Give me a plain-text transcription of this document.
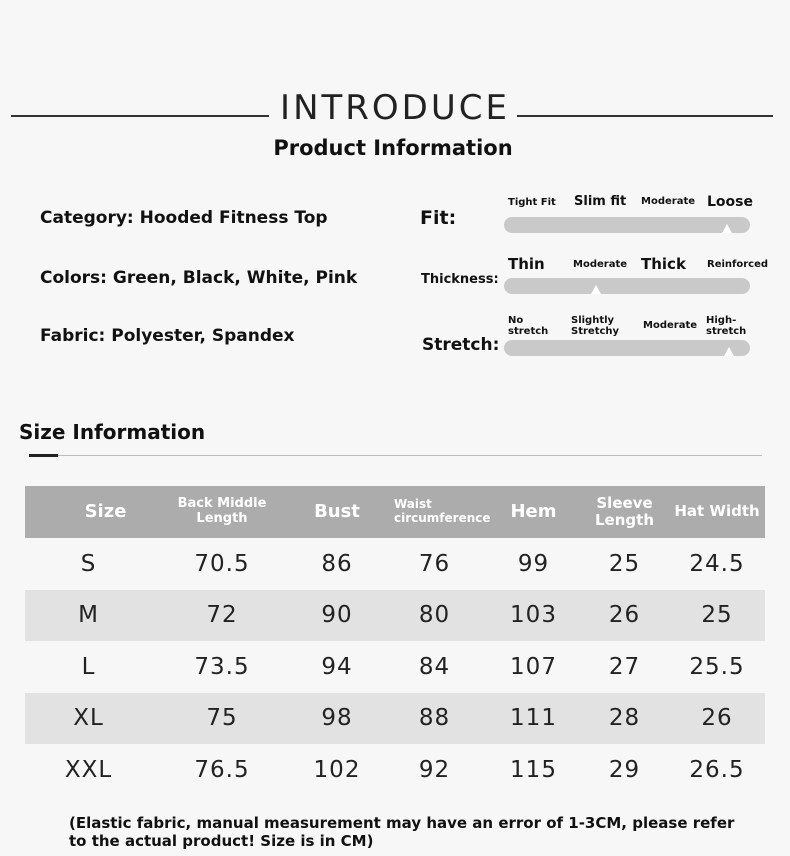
INTRODUCE
Product Information
Category: Hooded Fitness Top
Colors: Green, Black, White, Pink
Fabric: Polyester, Spandex
Fit:
Tight Fit Slim fit Moderate Loose
Thickness:
Thin	Moderate Thick Reinforced
Stretch:
No stretch
Slightly Stretchy	Moderate High-stretch
Size Information
Size	Back Middle Length	Bust	Waist circumference	Hem	Sleeve Length	Hat Width
S	70.5	86	76	99	25	24.5
M	72	90	80	103	26	25
L	73.5	94	84	107	27	25.5
XL	75	98	88	111	28	26
XXL	76.5	102	92	115	29	26.5
(Elastic fabric, manual measurement may have an error of 1-3CM, please refer to the actual product! Size is in CM)
